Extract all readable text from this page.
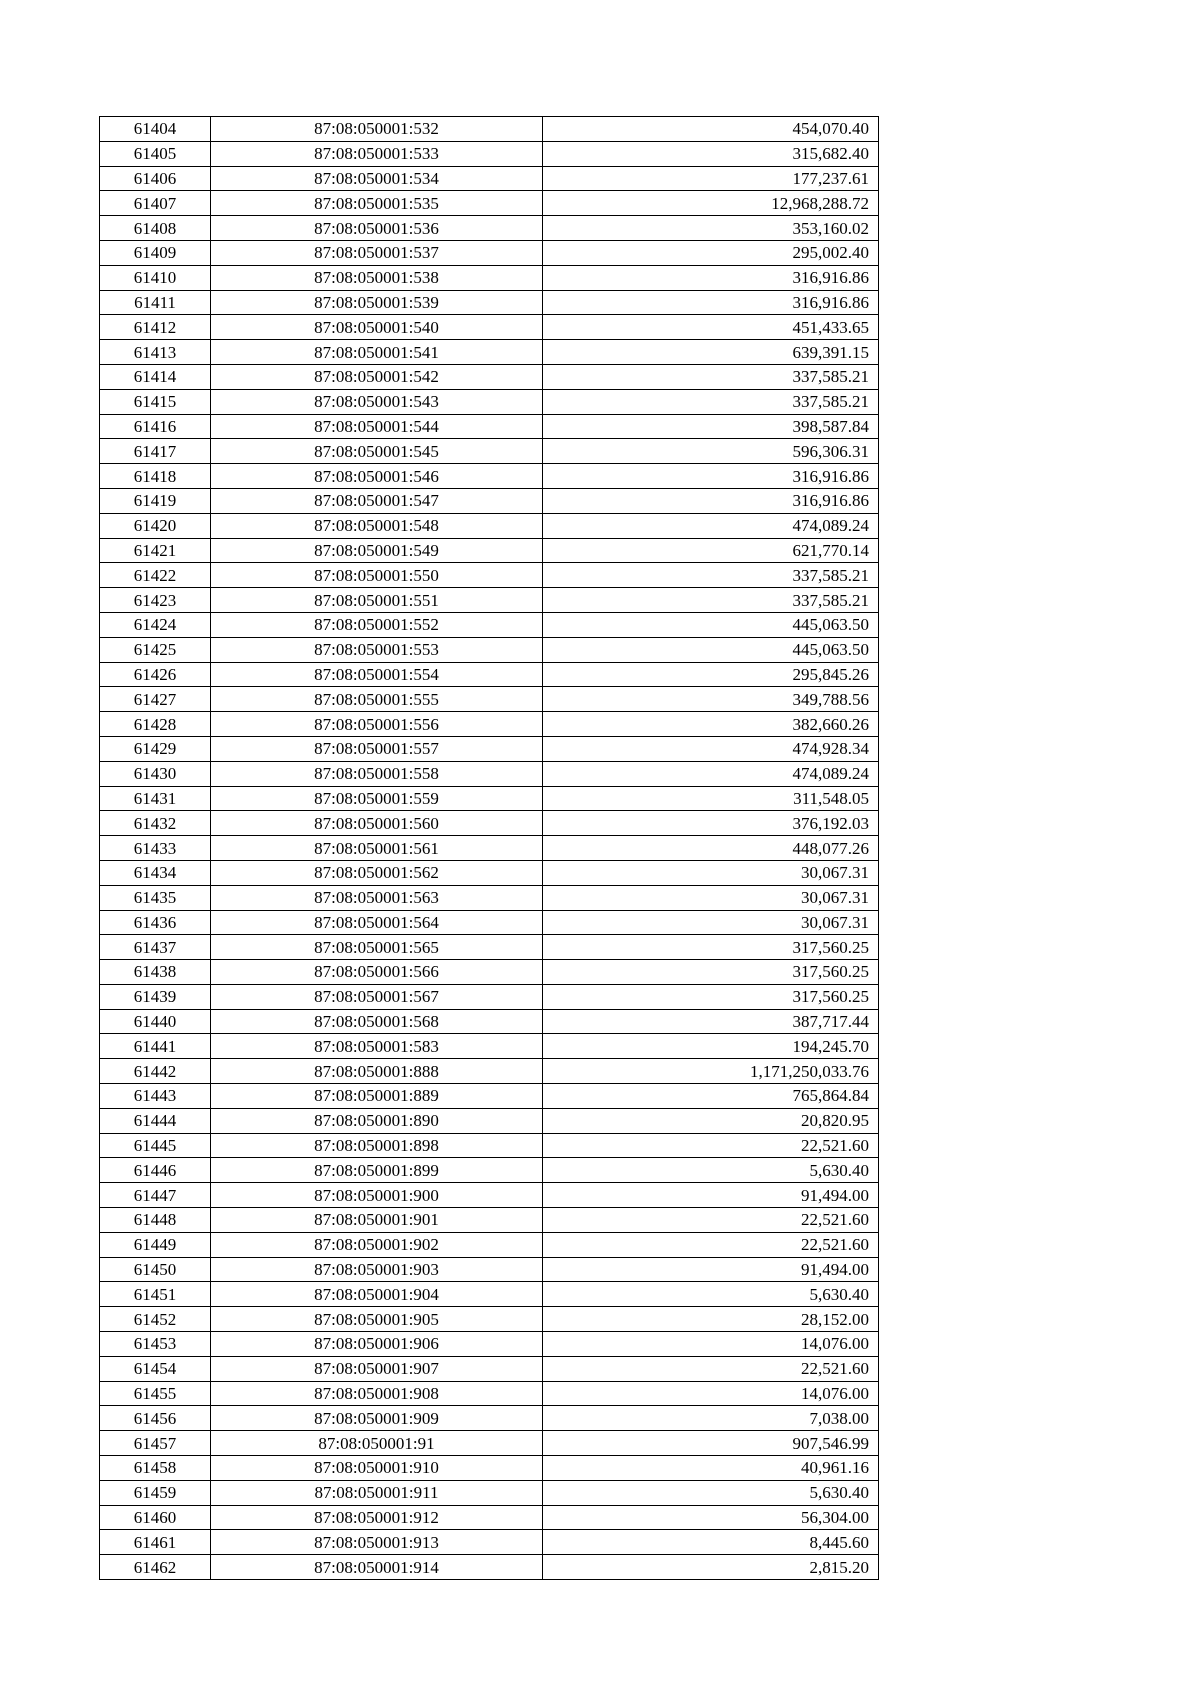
61404	87:08:050001:532	454,070.40
61405	87:08:050001:533	315,682.40
61406	87:08:050001:534	177,237.61
61407	87:08:050001:535	12,968,288.72
61408	87:08:050001:536	353,160.02
61409	87:08:050001:537	295,002.40
61410	87:08:050001:538	316,916.86
61411	87:08:050001:539	316,916.86
61412	87:08:050001:540	451,433.65
61413	87:08:050001:541	639,391.15
61414	87:08:050001:542	337,585.21
61415	87:08:050001:543	337,585.21
61416	87:08:050001:544	398,587.84
61417	87:08:050001:545	596,306.31
61418	87:08:050001:546	316,916.86
61419	87:08:050001:547	316,916.86
61420	87:08:050001:548	474,089.24
61421	87:08:050001:549	621,770.14
61422	87:08:050001:550	337,585.21
61423	87:08:050001:551	337,585.21
61424	87:08:050001:552	445,063.50
61425	87:08:050001:553	445,063.50
61426	87:08:050001:554	295,845.26
61427	87:08:050001:555	349,788.56
61428	87:08:050001:556	382,660.26
61429	87:08:050001:557	474,928.34
61430	87:08:050001:558	474,089.24
61431	87:08:050001:559	311,548.05
61432	87:08:050001:560	376,192.03
61433	87:08:050001:561	448,077.26
61434	87:08:050001:562	30,067.31
61435	87:08:050001:563	30,067.31
61436	87:08:050001:564	30,067.31
61437	87:08:050001:565	317,560.25
61438	87:08:050001:566	317,560.25
61439	87:08:050001:567	317,560.25
61440	87:08:050001:568	387,717.44
61441	87:08:050001:583	194,245.70
61442	87:08:050001:888	1,171,250,033.76
61443	87:08:050001:889	765,864.84
61444	87:08:050001:890	20,820.95
61445	87:08:050001:898	22,521.60
61446	87:08:050001:899	5,630.40
61447	87:08:050001:900	91,494.00
61448	87:08:050001:901	22,521.60
61449	87:08:050001:902	22,521.60
61450	87:08:050001:903	91,494.00
61451	87:08:050001:904	5,630.40
61452	87:08:050001:905	28,152.00
61453	87:08:050001:906	14,076.00
61454	87:08:050001:907	22,521.60
61455	87:08:050001:908	14,076.00
61456	87:08:050001:909	7,038.00
61457	87:08:050001:91	907,546.99
61458	87:08:050001:910	40,961.16
61459	87:08:050001:911	5,630.40
61460	87:08:050001:912	56,304.00
61461	87:08:050001:913	8,445.60
61462	87:08:050001:914	2,815.20
